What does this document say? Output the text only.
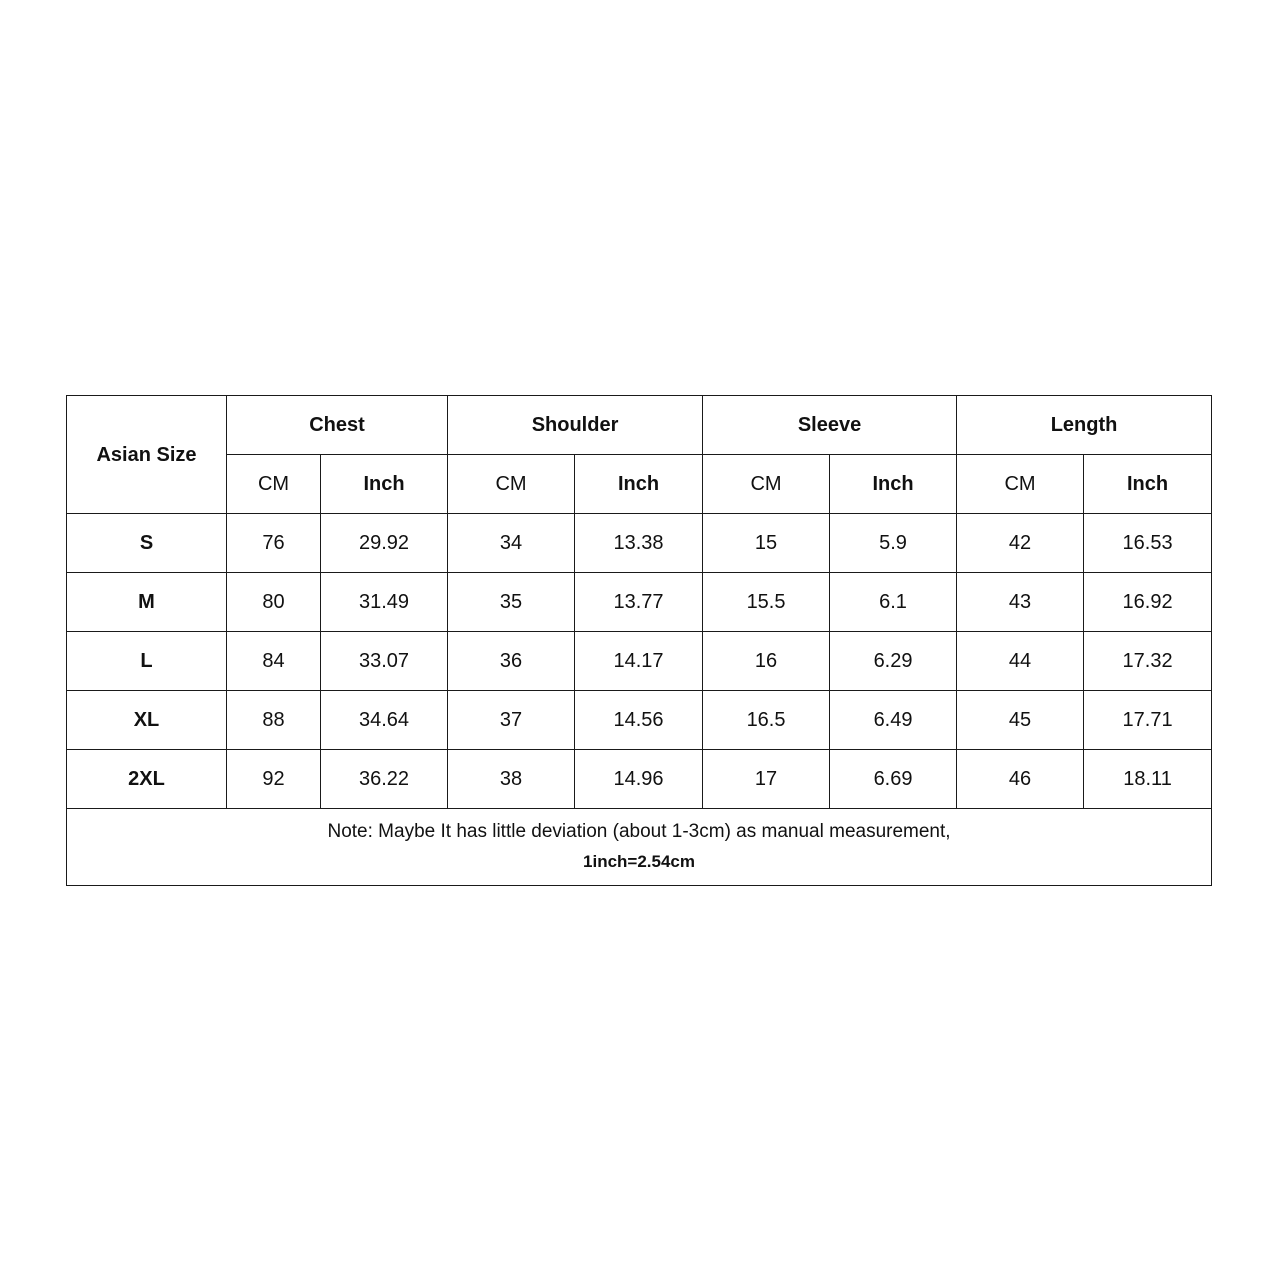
Asian Size	Chest		Shoulder		Sleeve		Length	
	CM	Inch	CM	Inch	CM	Inch	CM	Inch
S	76	29.92	34	13.38	15	5.9	42	16.53
M	80	31.49	35	13.77	15.5	6.1	43	16.92
L	84	33.07	36	14.17	16	6.29	44	17.32
XL	88	34.64	37	14.56	16.5	6.49	45	17.71
2XL	92	36.22	38	14.96	17	6.69	46	18.11

Note: Maybe It has little deviation (about 1-3cm) as manual measurement,
1inch=2.54cm								
